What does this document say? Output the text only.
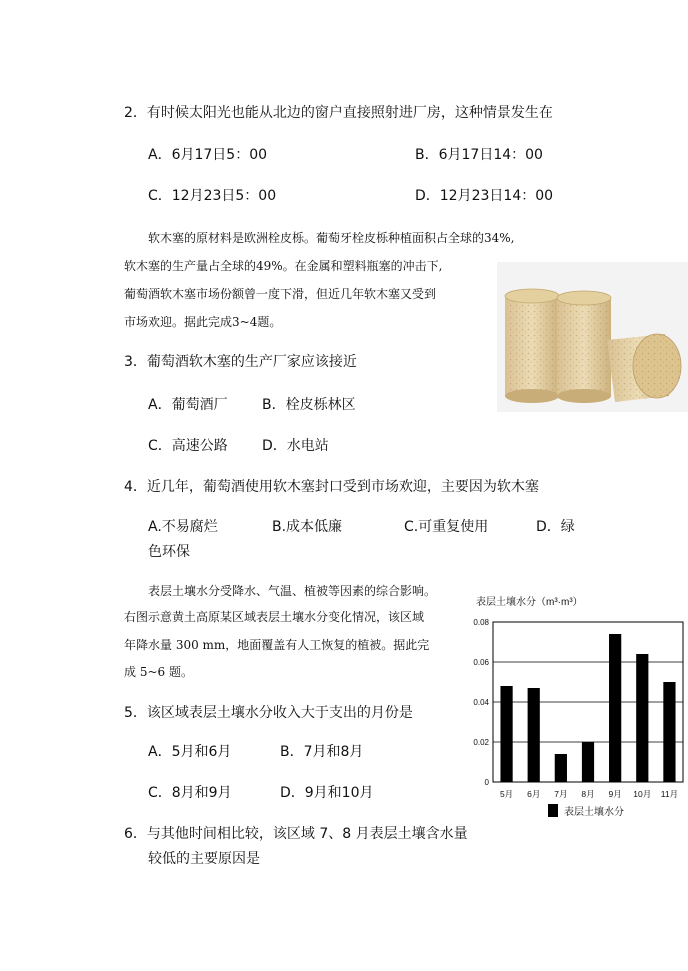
2．有时候太阳光也能从北边的窗户直接照射进厂房，这种情景发生在
A．6月17日5：00	B．6月17日14：00
C．12月23日5：00	D．12月23日14：00
软木塞的原材料是欧洲栓皮栎。葡萄牙栓皮栎种植面积占全球的34%,
软木塞的生产量占全球的49%。在金属和塑料瓶塞的冲击下,
葡萄酒软木塞市场份额曾一度下滑，但近几年软木塞又受到
市场欢迎。据此完成3~4题。
3．葡萄酒软木塞的生产厂家应该接近
A．葡萄酒厂 B．栓皮栎林区
C．高速公路 D．水电站
4．近几年，葡萄酒使用软木塞封口受到市场欢迎，主要因为软木塞
A.不易腐烂	B.成本低廉	C.可重复使用	D．绿
色环保
表层土壤水分受降水、气温、植被等因素的综合影响。
右图示意黄土高原某区域表层土壤水分变化情况，该区域
年降水量 300 mm，地面覆盖有人工恢复的植被。据此完
成 5~6 题。
5．该区域表层土壤水分收入大于支出的月份是
A．5月和6月	B．7月和8月
C．8月和9月	D．9月和10月
6．与其他时间相比较，该区域 7、8 月表层土壤含水量
较低的主要原因是
表层土壤水分（m³·m³）
0
0.02
0.04
0.06
0.08
5月 6月 7月 8月 9月 10月 11月
表层土壤水分
